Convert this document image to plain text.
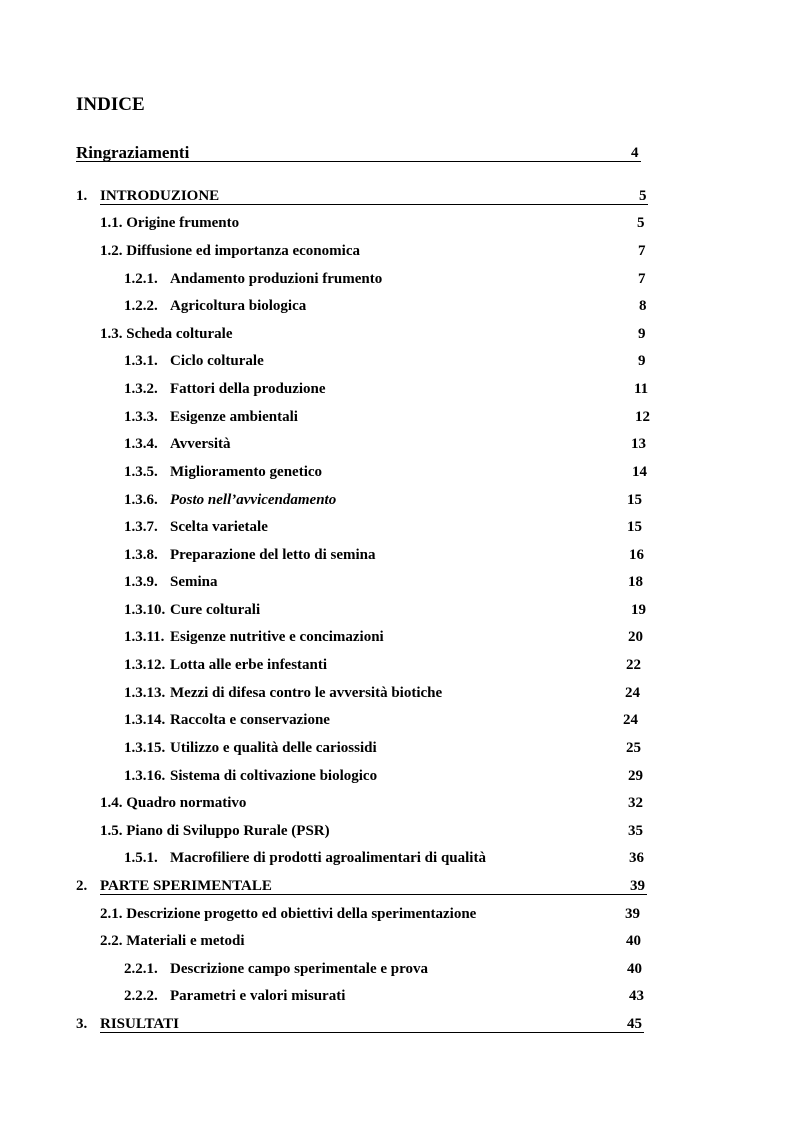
INDICE
Ringraziamenti	4
1. INTRODUZIONE	5
1.1. Origine frumento	5
1.2. Diffusione ed importanza economica	7
1.2.1. Andamento produzioni frumento	7
1.2.2. Agricoltura biologica	8
1.3. Scheda colturale	9
1.3.1. Ciclo colturale	9
1.3.2. Fattori della produzione	11
1.3.3. Esigenze ambientali	12
1.3.4. Avversità	13
1.3.5. Miglioramento genetico	14
1.3.6. Posto nell’avvicendamento	15
1.3.7. Scelta varietale	15
1.3.8. Preparazione del letto di semina	16
1.3.9. Semina	18
1.3.10. Cure colturali	19
1.3.11. Esigenze nutritive e concimazioni	20
1.3.12. Lotta alle erbe infestanti	22
1.3.13. Mezzi di difesa contro le avversità biotiche	24
1.3.14. Raccolta e conservazione	24
1.3.15. Utilizzo e qualità delle cariossidi	25
1.3.16. Sistema di coltivazione biologico	29
1.4. Quadro normativo	32
1.5. Piano di Sviluppo Rurale (PSR)	35
1.5.1. Macrofiliere di prodotti agroalimentari di qualità	36
2. PARTE SPERIMENTALE	39
2.1. Descrizione progetto ed obiettivi della sperimentazione	39
2.2. Materiali e metodi	40
2.2.1. Descrizione campo sperimentale e prova	40
2.2.2. Parametri e valori misurati	43
3. RISULTATI	45
